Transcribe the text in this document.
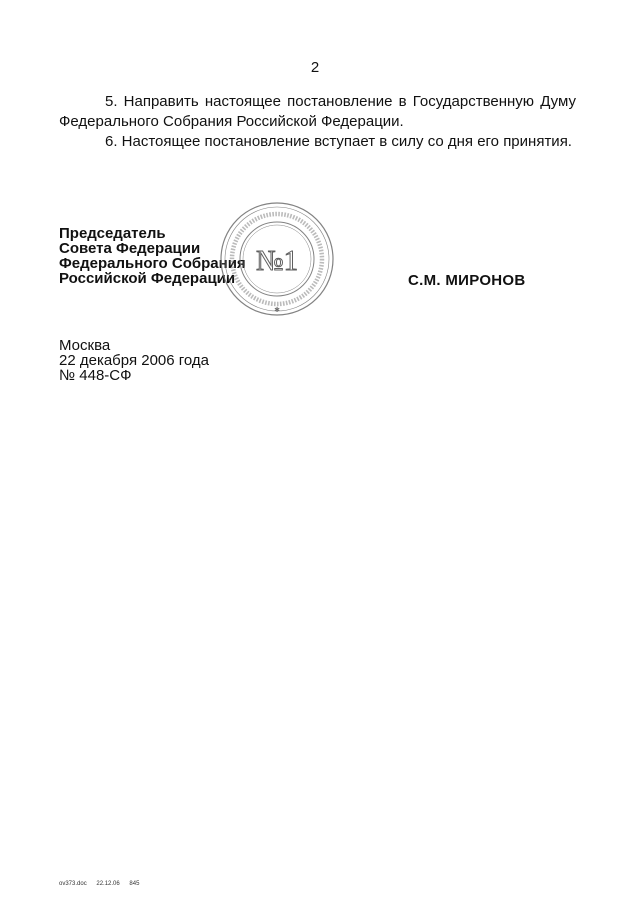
2
5. Направить настоящее постановление в Государственную Думу Федерального Собрания Российской Федерации.
6. Настоящее постановление вступает в силу со дня его принятия.
Председатель
Совета Федерации
Федерального Собрания
Российской Федерации
✱
№1
С.М. МИРОНОВ
Москва
22 декабря 2006 года
№ 448-СФ
ov373.doc 22.12.06 845
